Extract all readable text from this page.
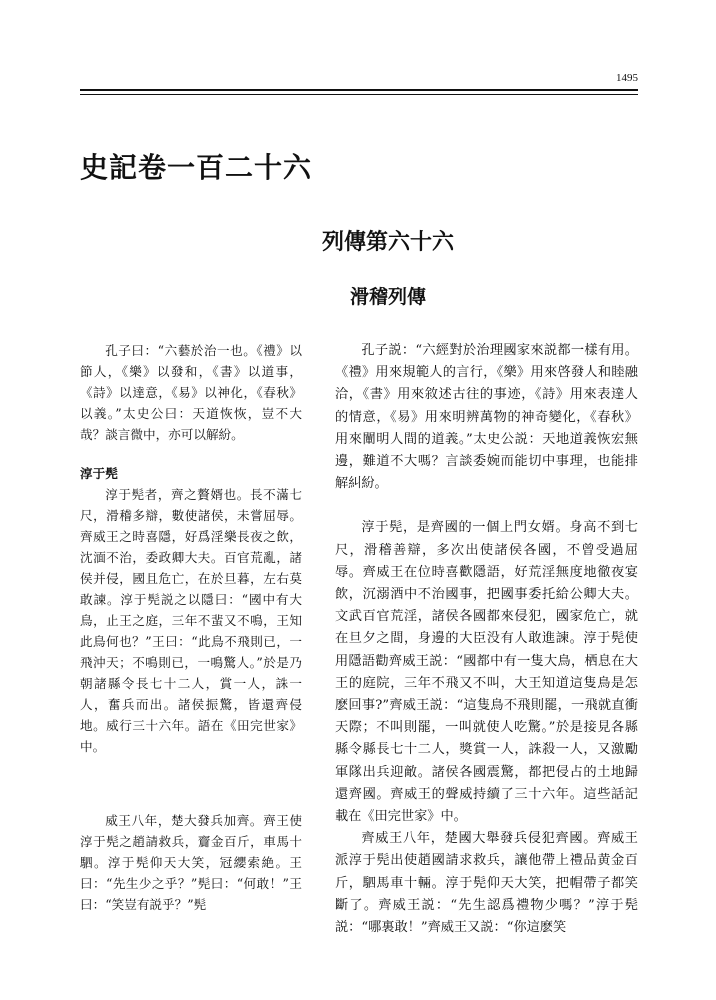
1495
史記卷一百二十六
列傳第六十六
滑稽列傳

孔子曰：“六藝於治一也。《禮》以節人，《樂》以發和，《書》以道事，《詩》以達意，《易》以神化，《春秋》以義。”太史公曰：天道恢恢，豈不大哉？談言微中，亦可以解紛。

淳于髡

淳于髡者，齊之贅婿也。長不滿七尺，滑稽多辯，數使諸侯，未嘗屈辱。齊威王之時喜隱，好爲淫樂長夜之飲，沈湎不治，委政卿大夫。百官荒亂，諸侯并侵，國且危亡，在於旦暮，左右莫敢諫。淳于髡説之以隱曰：“國中有大鳥，止王之庭，三年不蜚又不鳴，王知此鳥何也？”王曰：“此鳥不飛則已，一飛沖天；不鳴則已，一鳴驚人。”於是乃朝諸縣令長七十二人，賞一人，誅一人，奮兵而出。諸侯振驚，皆還齊侵地。威行三十六年。語在《田完世家》中。

威王八年，楚大發兵加齊。齊王使淳于髡之趙請救兵，齎金百斤，車馬十駟。淳于髡仰天大笑，冠纓索絶。王曰：“先生少之乎？”髡曰：“何敢！”王曰：“笑豈有説乎？”髡

孔子説：“六經對於治理國家來説都一樣有用。《禮》用來規範人的言行，《樂》用來啓發人和睦融洽，《書》用來敘述古往的事迹，《詩》用來表達人的情意，《易》用來明辨萬物的神奇變化，《春秋》用來闡明人間的道義。”太史公説：天地道義恢宏無邊，難道不大嗎？言談委婉而能切中事理，也能排解糾紛。

淳于髡，是齊國的一個上門女婿。身高不到七尺，滑稽善辯，多次出使諸侯各國，不曾受過屈辱。齊威王在位時喜歡隱語，好荒淫無度地徹夜宴飲，沉溺酒中不治國事，把國事委托給公卿大夫。文武百官荒淫，諸侯各國都來侵犯，國家危亡，就在旦夕之間，身邊的大臣没有人敢進諫。淳于髡使用隱語勸齊威王説：“國都中有一隻大鳥，栖息在大王的庭院，三年不飛又不叫，大王知道這隻鳥是怎麽回事?”齊威王説：“這隻鳥不飛則罷，一飛就直衝天際；不叫則罷，一叫就使人吃驚。”於是接見各縣縣令縣長七十二人，獎賞一人，誅殺一人，又激勵軍隊出兵迎敵。諸侯各國震驚，都把侵占的土地歸還齊國。齊威王的聲威持續了三十六年。這些話記載在《田完世家》中。

齊威王八年，楚國大舉發兵侵犯齊國。齊威王派淳于髡出使趙國請求救兵，讓他帶上禮品黄金百斤，駟馬車十輛。淳于髡仰天大笑，把帽帶子都笑斷了。齊威王説：“先生認爲禮物少嗎？”淳于髡説：“哪裏敢！”齊威王又説：“你這麽笑
